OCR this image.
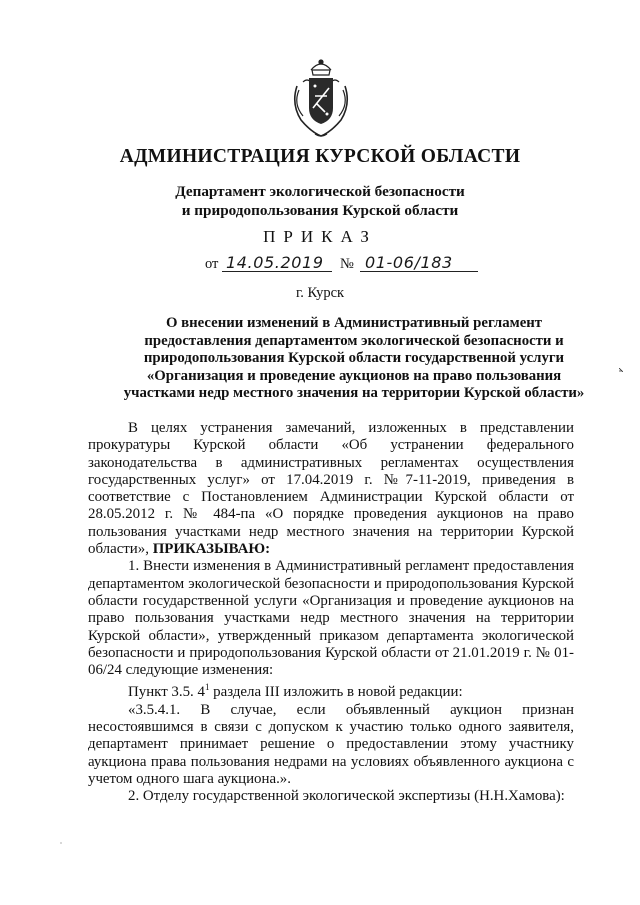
АДМИНИСТРАЦИЯ КУРСКОЙ ОБЛАСТИ
Департамент экологической безопасности
и природопользования Курской области
ПРИКАЗ
от 14.05.2019 № 01-06/183
г. Курск
О внесении изменений в Административный регламент
предоставления департаментом экологической безопасности и
природопользования Курской области государственной услуги
«Организация и проведение аукционов на право пользования
участками недр местного значения на территории Курской области»

В целях устранения замечаний, изложенных в представлении прокуратуры Курской области «Об устранении федерального законодательства в административных регламентах осуществления государственных услуг» от 17.04.2019 г. №7-11-2019, приведения в соответствие с Постановлением Администрации Курской области от 28.05.2012 г. № 484-па «О порядке проведения аукционов на право пользования участками недр местного значения на территории Курской области», ПРИКАЗЫВАЮ:

1. Внести изменения в Административный регламент предоставления департаментом экологической безопасности и природопользования Курской области государственной услуги «Организация и проведение аукционов на право пользования участками недр местного значения на территории Курской области», утвержденный приказом департамента экологической безопасности и природопользования Курской области от 21.01.2019 г. № 01-06/24 следующие изменения:

Пункт 3.5. $4^1$ раздела III изложить в новой редакции:

«3.5.4.1. В случае, если объявленный аукцион признан несостоявшимся в связи с допуском к участию только одного заявителя, департамент принимает решение о предоставлении этому участнику аукциона права пользования недрами на условиях объявленного аукциона с учетом одного шага аукциона.».

2. Отделу государственной экологической экспертизы (Н.Н.Хамова):
